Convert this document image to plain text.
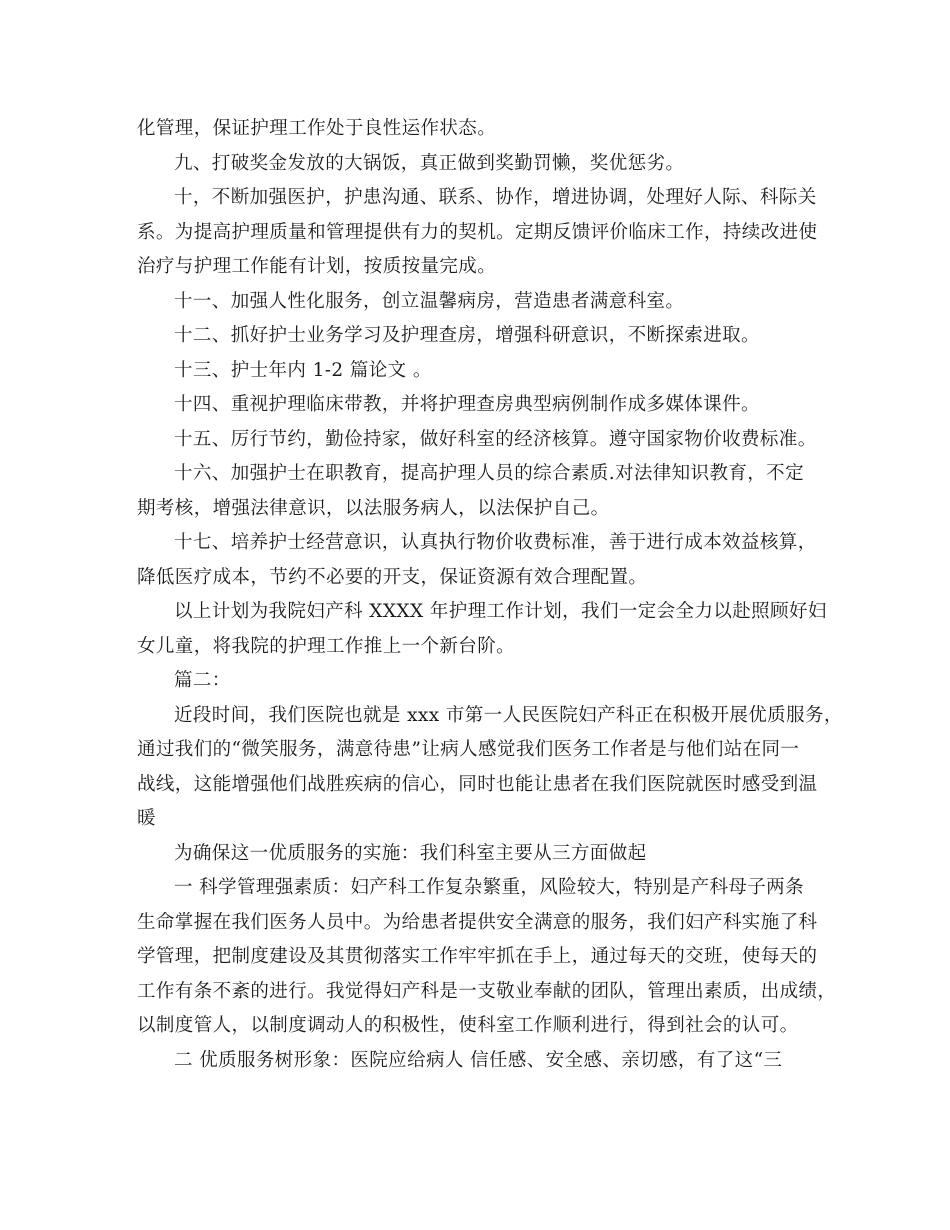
化管理，保证护理工作处于良性运作状态。
九、打破奖金发放的大锅饭，真正做到奖勤罚懒，奖优惩劣。
十，不断加强医护，护患沟通、联系、协作，增进协调，处理好人际、科际关
系。为提高护理质量和管理提供有力的契机。定期反馈评价临床工作，持续改进使
治疗与护理工作能有计划，按质按量完成。
十一、加强人性化服务，创立温馨病房，营造患者满意科室。
十二、抓好护士业务学习及护理查房，增强科研意识，不断探索进取。
十三、护士年内 1-2 篇论文 。
十四、重视护理临床带教，并将护理查房典型病例制作成多媒体课件。
十五、厉行节约，勤俭持家，做好科室的经济核算。遵守国家物价收费标准。
十六、加强护士在职教育，提高护理人员的综合素质.对法律知识教育，不定
期考核，增强法律意识，以法服务病人，以法保护自己。
十七、培养护士经营意识，认真执行物价收费标准，善于进行成本效益核算，
降低医疗成本，节约不必要的开支，保证资源有效合理配置。
以上计划为我院妇产科 XXXX 年护理工作计划，我们一定会全力以赴照顾好妇
女儿童，将我院的护理工作推上一个新台阶。
篇二：
近段时间，我们医院也就是 xxx 市第一人民医院妇产科正在积极开展优质服务，
通过我们的“微笑服务，满意待患”让病人感觉我们医务工作者是与他们站在同一
战线，这能增强他们战胜疾病的信心，同时也能让患者在我们医院就医时感受到温
暖
为确保这一优质服务的实施：我们科室主要从三方面做起
一 科学管理强素质：妇产科工作复杂繁重，风险较大，特别是产科母子两条
生命掌握在我们医务人员中。为给患者提供安全满意的服务，我们妇产科实施了科
学管理，把制度建设及其贯彻落实工作牢牢抓在手上，通过每天的交班，使每天的
工作有条不紊的进行。我觉得妇产科是一支敬业奉献的团队，管理出素质，出成绩，
以制度管人，以制度调动人的积极性，使科室工作顺利进行，得到社会的认可。
二 优质服务树形象：医院应给病人 信任感、安全感、亲切感，有了这“三
